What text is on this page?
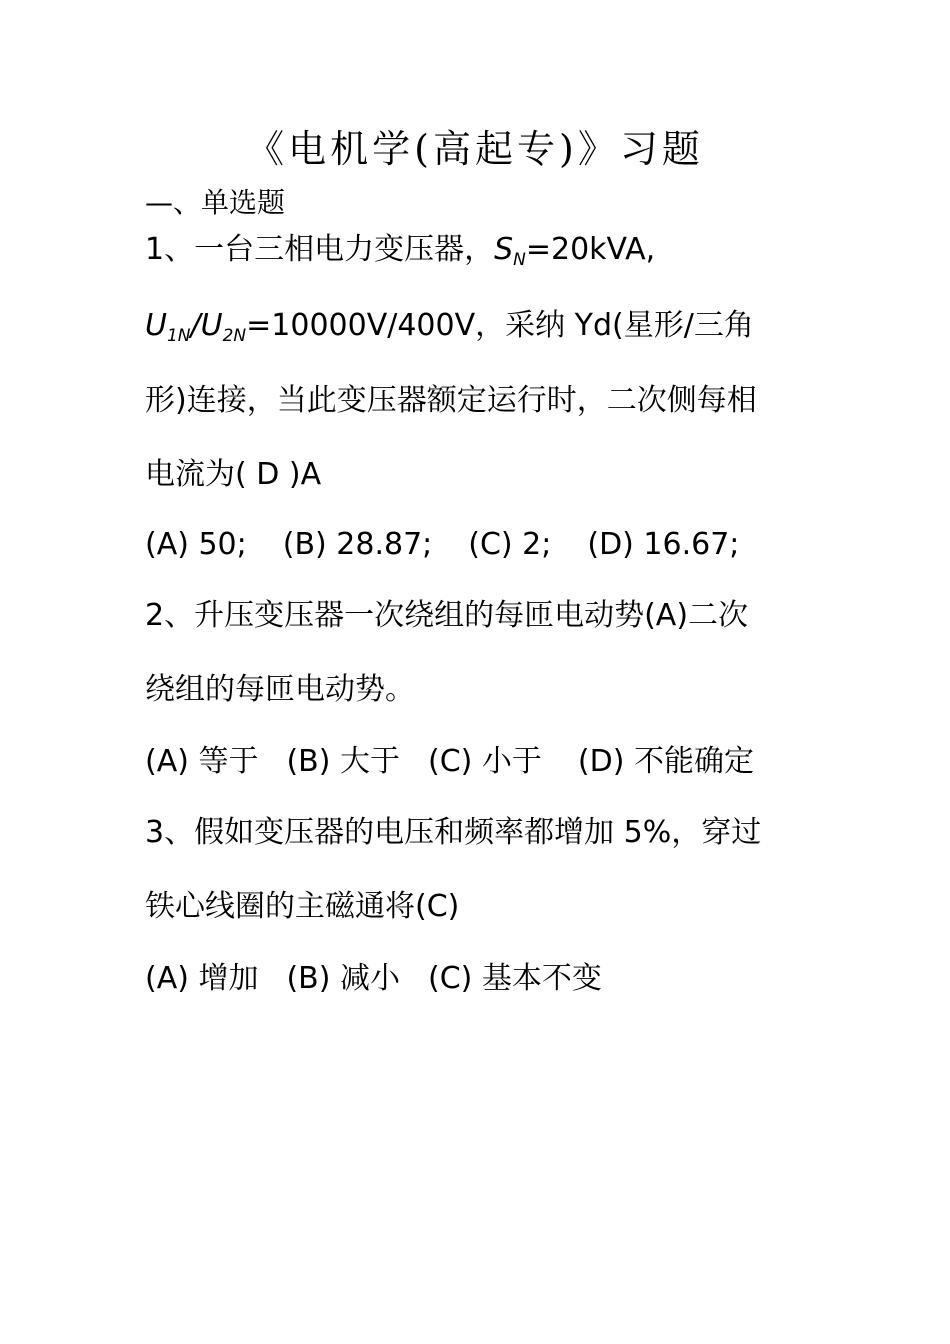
《电机学(高起专)》习题
—、单选题
1、一台三相电力变压器，$S_N=20kVA$,
$U_{1N}/U_{2N}=10000V/400V$，采纳 Yd(星形/三角
形)连接，当此变压器额定运行时，二次侧每相
电流为( D )A
(A) 50; (B) 28.87; (C) 2; (D) 16.67;
2、升压变压器一次绕组的每匝电动势(A)二次
绕组的每匝电动势。
(A) 等于 (B) 大于 (C) 小于 (D) 不能确定
3、假如变压器的电压和频率都增加 5%，穿过
铁心线圈的主磁通将(C)
(A) 增加 (B) 减小 (C) 基本不变
